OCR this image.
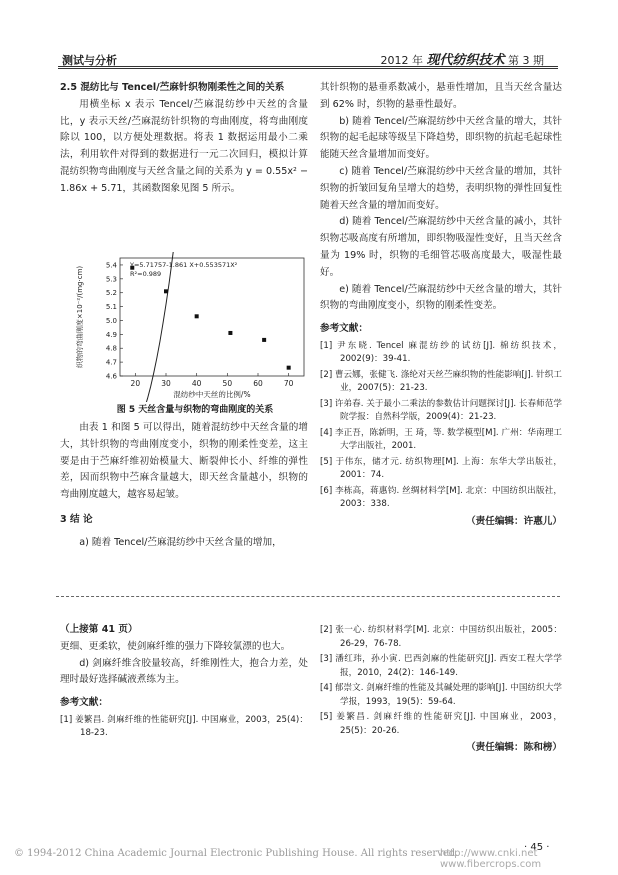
测试与分析	2012 年 现代纺织技术 第 3 期

2.5 混纺比与 Tencel/苎麻针织物刚柔性之间的关系

用横坐标 x 表示 Tencel/苎麻混纺纱中天丝的含量比，y 表示天丝/苎麻混纺针织物的弯曲刚度，将弯曲刚度除以 100，以方便处理数据。将表 1 数据运用最小二乘法，利用软件对得到的数据进行一元二次回归，模拟计算混纺织物弯曲刚度与天丝含量之间的关系为 y = 0.55x² − 1.86x + 5.71，其函数图象见图 5 所示。

20	30	40	50	60	70
4.6
4.7
4.8
4.9
5.0
5.1
5.2
5.3
5.4 Y=5.71757-1.861 X+0.553571X²
R²=0.989
混纺纱中天丝的比例/%
织物的弯曲刚度×10⁻²/(mg·cm)
图 5 天丝含量与织物的弯曲刚度的关系

由表 1 和图 5 可以得出，随着混纺纱中天丝含量的增大，其针织物的弯曲刚度变小，织物的刚柔性变差，这主要是由于苎麻纤维初始模量大、断裂伸长小、纤维的弹性差，因而织物中苎麻含量越大，即天丝含量越小，织物的弯曲刚度越大，越容易起皱。

3 结 论

a) 随着 Tencel/苎麻混纺纱中天丝含量的增加，

其针织物的悬垂系数减小，悬垂性增加，且当天丝含量达到 62% 时，织物的悬垂性最好。

b) 随着 Tencel/苎麻混纺纱中天丝含量的增大，其针织物的起毛起球等级呈下降趋势，即织物的抗起毛起球性能随天丝含量增加而变好。

c) 随着 Tencel/苎麻混纺纱中天丝含量的增加，其针织物的折皱回复角呈增大的趋势，表明织物的弹性回复性随着天丝含量的增加而变好。

d) 随着 Tencel/苎麻混纺纱中天丝含量的减小，其针织物芯吸高度有所增加，即织物吸湿性变好，且当天丝含量为 19% 时，织物的毛细管芯吸高度最大，吸湿性最好。

e) 随着 Tencel/苎麻混纺纱中天丝含量的增大，其针织物的弯曲刚度变小，织物的刚柔性变差。

参考文献：

[1] 尹东晓. Tencel 麻混纺纱的试纺[J]. 棉纺织技术，2002(9)：39-41.

[2] 曹云娜，张健飞. 涤纶对天丝苎麻织物的性能影响[J]. 针织工业，2007(5)：21-23.

[3] 许弟春. 关于最小二乘法的参数估计问题探讨[J]. 长春师范学院学报：自然科学版，2009(4)：21-23.

[4] 李正吾，陈新明，王 琦，等. 数学模型[M]. 广州：华南理工大学出版社，2001.

[5] 于伟东，储才元. 纺织物理[M]. 上海：东华大学出版社，2001：74.

[6] 李栋高，蒋惠钧. 丝绸材料学[M]. 北京：中国纺织出版社，2003：338.

（责任编辑：许惠儿）

（上接第 41 页）

更细、更柔软，使剑麻纤维的强力下降较氯漂的也大。

d) 剑麻纤维含胶量较高，纤维刚性大，抱合力差，处理时最好选择碱液煮练为主。

参考文献：

[1] 姜繁昌. 剑麻纤维的性能研究[J]. 中国麻业，2003，25(4)：18-23.

[2] 张一心. 纺织材料学[M]. 北京：中国纺织出版社，2005：26-29，76-78.

[3] 潘红玮，孙小寅. 巴西剑麻的性能研究[J]. 西安工程大学学报，2010，24(2)：146-149.

[4] 郁崇文. 剑麻纤维的性能及其碱处理的影响[J]. 中国纺织大学学报，1993，19(5)：59-64.

[5] 姜繁昌. 剑麻纤维的性能研究[J]. 中国麻业，2003，25(5)：20-26.

（责任编辑：陈和榜）

· 45 ·
© 1994-2012 China Academic Journal Electronic Publishing House. All rights reserved.
http://www.cnki.net www.fibercrops.com
